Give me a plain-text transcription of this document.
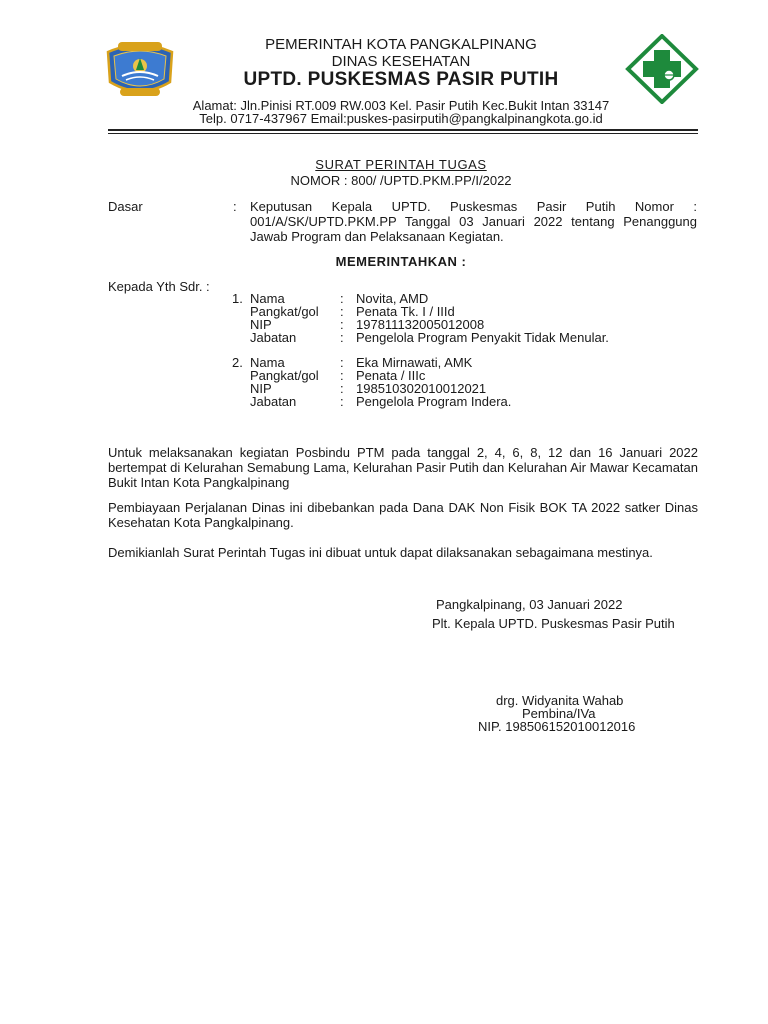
PEMERINTAH KOTA PANGKALPINANG
DINAS KESEHATAN
UPTD. PUSKESMAS PASIR PUTIH
Alamat: Jln.Pinisi RT.009 RW.003 Kel. Pasir Putih Kec.Bukit Intan 33147
Telp. 0717-437967 Email:puskes-pasirputih@pangkalpinangkota.go.id
SURAT PERINTAH TUGAS
NOMOR : 800/ /UPTD.PKM.PP/I/2022
Dasar	: Keputusan Kepala UPTD. Puskesmas Pasir Putih Nomor : 001/A/SK/UPTD.PKM.PP Tanggal 03 Januari 2022 tentang Penanggung Jawab Program dan Pelaksanaan Kegiatan.
MEMERINTAHKAN :
Kepada Yth Sdr. :
1. Nama	: Novita, AMD
Pangkat/gol : Penata Tk. I / IIId
NIP	: 197811132005012008
Jabatan	: Pengelola Program Penyakit Tidak Menular.
2. Nama	: Eka Mirnawati, AMK
Pangkat/gol : Penata / IIIc
NIP	: 198510302010012021
Jabatan	: Pengelola Program Indera.
Untuk melaksanakan kegiatan Posbindu PTM pada tanggal 2, 4, 6, 8, 12 dan 16 Januari 2022 bertempat di Kelurahan Semabung Lama, Kelurahan Pasir Putih dan Kelurahan Air Mawar Kecamatan Bukit Intan Kota Pangkalpinang
Pembiayaan Perjalanan Dinas ini dibebankan pada Dana DAK Non Fisik BOK TA 2022 satker Dinas Kesehatan Kota Pangkalpinang.
Demikianlah Surat Perintah Tugas ini dibuat untuk dapat dilaksanakan sebagaimana mestinya.
Pangkalpinang, 03 Januari 2022
Plt. Kepala UPTD. Puskesmas Pasir Putih
drg. Widyanita Wahab
Pembina/IVa
NIP. 198506152010012016
